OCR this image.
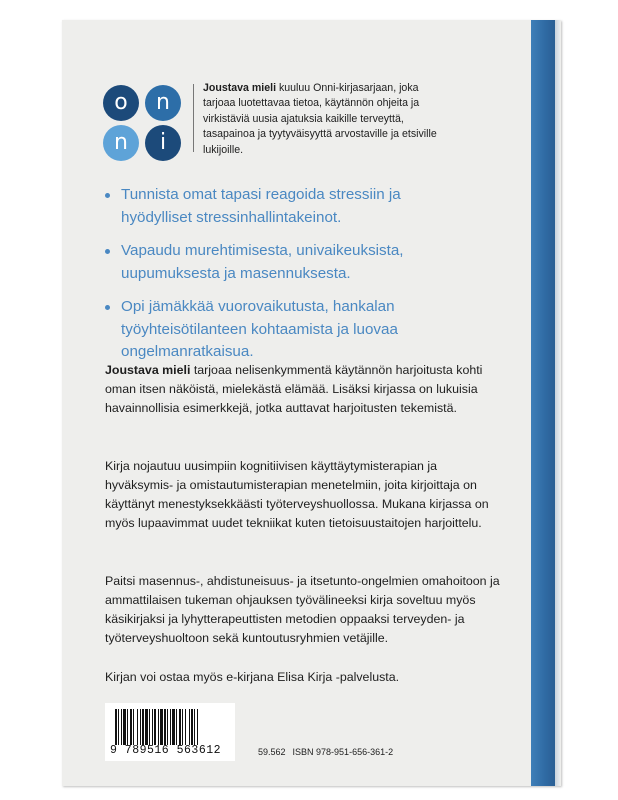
o	n
n	i
Joustava mieli kuuluu Onni-kirjasarjaan, joka tarjoaa luotettavaa tietoa, käytännön ohjeita ja virkistäviä uusia ajatuksia kaikille terveyttä, tasapainoa ja tyytyväisyyttä arvostaville ja etsiville lukijoille.
Tunnista omat tapasi reagoida stressiin ja hyödylliset stressinhallintakeinot.
Vapaudu murehtimisesta, univaikeuksista, uupumuksesta ja masennuksesta.
Opi jämäkkää vuorovaikutusta, hankalan työyhteisötilanteen kohtaamista ja luovaa ongelmanratkaisua.
Joustava mieli tarjoaa nelisenkymmentä käytännön harjoitusta kohti oman itsen näköistä, mielekästä elämää. Lisäksi kirjassa on lukuisia havainnollisia esimerkkejä, jotka auttavat harjoitusten tekemistä.
Kirja nojautuu uusimpiin kognitiivisen käyttäytymisterapian ja hyväksymis- ja omistautumisterapian menetelmiin, joita kirjoittaja on käyttänyt menestyksekkäästi työterveyshuollossa. Mukana kirjassa on myös lupaavimmat uudet tekniikat kuten tietoisuustaitojen harjoittelu.
Paitsi masennus-, ahdistuneisuus- ja itsetunto-ongelmien omahoitoon ja ammattilaisen tukeman ohjauksen työvälineeksi kirja soveltuu myös käsikirjaksi ja lyhytterapeuttisten metodien oppaaksi terveyden- ja työterveyshuoltoon sekä kuntoutusryhmien vetäjille.
Kirjan voi ostaa myös e-kirjana Elisa Kirja -palvelusta.
9 789516 563612	59.562 ISBN 978-951-656-361-2
